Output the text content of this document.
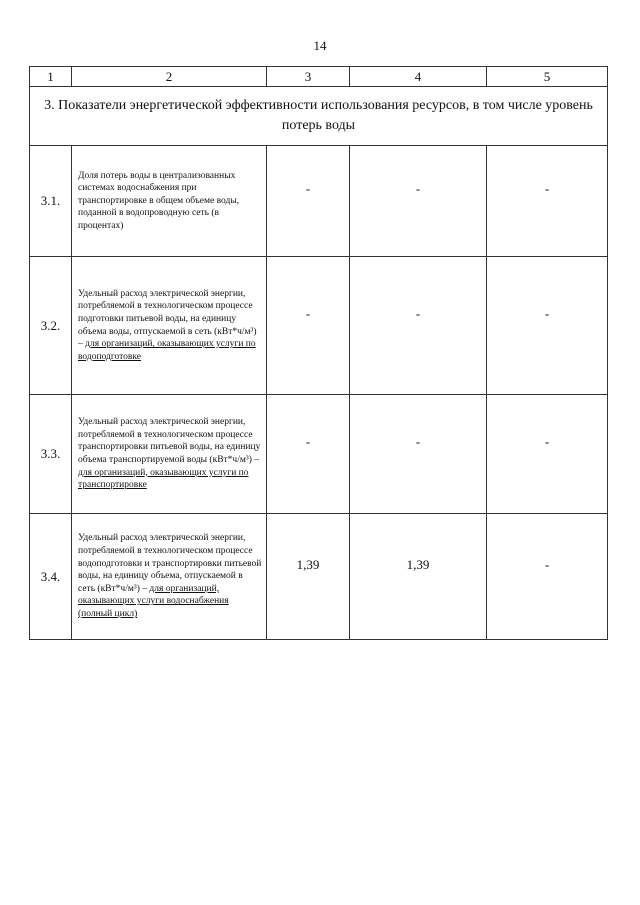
14
1	2	3	4	5
3. Показатели энергетической эффективности использования ресурсов, в том числе уровень потерь воды				
3.1.	Доля потерь воды в централизованных системах водоснабжения при транспортировке в общем объеме воды, поданной в водопроводную сеть (в процентах)	-	-	-
3.2.	Удельный расход электрической энергии, потребляемой в технологическом процессе подготовки питьевой воды, на единицу объема воды, отпускаемой в сеть (кВт*ч/м³) – для организаций, оказывающих услуги по водоподготовке	-	-	-
3.3.	Удельный расход электрической энергии, потребляемой в технологическом процессе транспортировки питьевой воды, на единицу объема транспортируемой воды (кВт*ч/м³) – для организаций, оказывающих услуги по транспортировке	-	-	-
3.4.	Удельный расход электрической энергии, потребляемой в технологическом процессе водоподготовки и транспортировки питьевой воды, на единицу объема, отпускаемой в сеть (кВт*ч/м³) – для организаций, оказывающих услуги водоснабжения (полный цикл)	1,39	1,39	-
